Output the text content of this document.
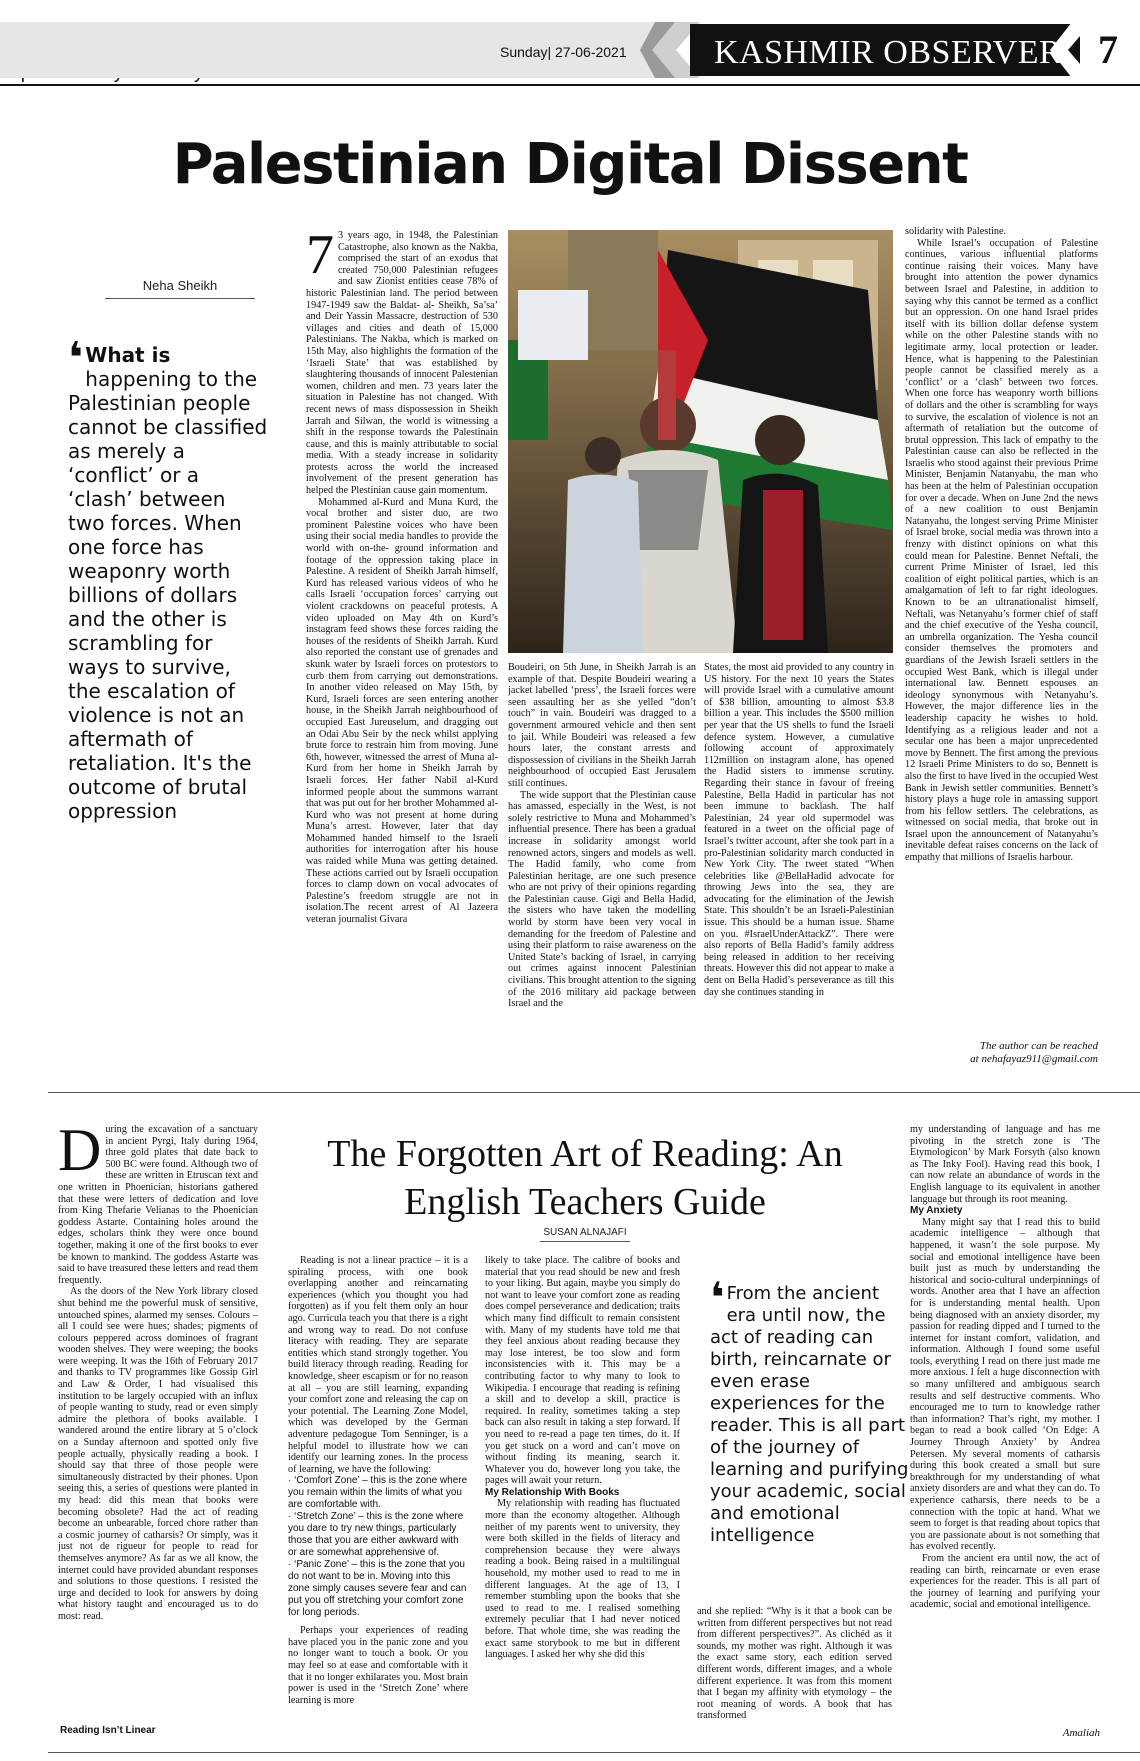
Sunday| 27-06-2021	KASHMIR OBSERVER 7
Palestinian Digital Dissent
Neha Sheikh
❛ What is happening to the Palestinian people cannot be classified as merely a ‘conflict’ or a ‘clash’ between two forces. When one force has weaponry worth billions of dollars and the other is scrambling for ways to survive, the escalation of violence is not an aftermath of retaliation. It's the outcome of brutal oppression

7 3 years ago, in 1948, the Palestinian Catastrophe, also known as the Nakba, comprised the start of an exodus that created 750,000 Palestinian refugees and saw Zionist entities cease 78% of historic Palestinian land. The period between 1947-1949 saw the Baldat- al- Sheikh, Sa’sa’ and Deir Yassin Massacre, destruction of 530 villages and cities and death of 15,000 Palestinians. The Nakba, which is marked on 15th May, also highlights the formation of the ‘Israeli State’ that was established by slaughtering thousands of innocent Palestenian women, children and men. 73 years later the situation in Palestine has not changed. With recent news of mass dispossession in Sheikh Jarrah and Silwan, the world is witnessing a shift in the response towards the Palestinain cause, and this is mainly attributable to social media. With a steady increase in solidarity protests across the world the increased involvement of the present generation has helped the Plestinian cause gain momentum.

Mohammed al-Kurd and Muna Kurd, the vocal brother and sister duo, are two prominent Palestine voices who have been using their social media handles to provide the world with on-the- ground information and footage of the oppression taking place in Palestine. A resident of Sheikh Jarrah himself, Kurd has released various videos of who he calls Israeli ‘occupation forces’ carrying out violent crackdowns on peaceful protests. A video uploaded on May 4th on Kurd’s instagram feed shows these forces raiding the houses of the residents of Sheikh Jarrah. Kurd also reported the constant use of grenades and skunk water by Israeli forces on protestors to curb them from carrying out demonstrations. In another video released on May 15th, by Kurd, Israeli forces are seen entering another house, in the Sheikh Jarrah neighbourhood of occupied East Jureuselum, and dragging out an Odai Abu Seir by the neck whilst applying brute force to restrain him from moving. June 6th, however, witnessed the arrest of Muna al-Kurd from her home in Sheikh Jarrah by Israeli forces. Her father Nabil al-Kurd informed people about the summons warrant that was put out for her brother Mohammed al-Kurd who was not present at home during Muna’s arrest. However, later that day Mohammed handed himself to the Israeli authorities for interrogation after his house was raided while Muna was getting detained. These actions carried out by Israeli occupation forces to clamp down on vocal advocates of Palestine’s freedom struggle are not in isolation.The recent arrest of Al Jazeera veteran journalist Givara

Boudeiri, on 5th June, in Sheikh Jarrah is an example of that. Despite Boudeiri wearing a jacket labelled ‘press’, the Israeli forces were seen assaulting her as she yelled “don’t touch” in vain. Boudeiri was dragged to a government armoured vehicle and then sent to jail. While Boudeiri was released a few hours later, the constant arrests and dispossession of civilians in the Sheikh Jarrah neighbourhood of occupied East Jerusalem still continues.

The wide support that the Plestinian cause has amassed, especially in the West, is not solely restrictive to Muna and Mohammed’s influential presence. There has been a gradual increase in solidarity amongst world renowned actors, singers and models as well. The Hadid family, who come from Palestinian heritage, are one such presence who are not privy of their opinions regarding the Palestinian cause. Gigi and Bella Hadid, the sisters who have taken the modelling world by storm have been very vocal in demanding for the freedom of Palestine and using their platform to raise awareness on the United State’s backing of Israel, in carrying out crimes against innocent Palestinian civilians. This brought attention to the signing of the 2016 military aid package between Israel and the

States, the most aid provided to any country in US history. For the next 10 years the States will provide Israel with a cumulative amount of $38 billion, amounting to almost $3.8 billion a year. This includes the $500 million per year that the US shells to fund the Israeli defence system. However, a cumulative following account of approximately 112million on instagram alone, has opened the Hadid sisters to immense scrutiny. Regarding their stance in favour of freeing Palestine, Bella Hadid in particular has not been immune to backlash. The half Palestinian, 24 year old supermodel was featured in a tweet on the official page of Israel’s twitter account, after she took part in a pro-Palestinian solidarity march conducted in New York City. The tweet stated “When celebrities like @BellaHadid advocate for throwing Jews into the sea, they are advocating for the elimination of the Jewish State. This shouldn’t be an Israeli-Palestinian issue. This should be a human issue. Shame on you. #IsraelUnderAttackZ”. There were also reports of Bella Hadid’s family address being released in addition to her receiving threats. However this did not appear to make a dent on Bella Hadid’s perseverance as till this day she continues standing in

solidarity with Palestine.

While Israel’s occupation of Palestine continues, various influential platforms continue raising their voices. Many have brought into attention the power dynamics between Israel and Palestine, in addition to saying why this cannot be termed as a conflict but an oppression. On one hand Israel prides itself with its billion dollar defense system while on the other Palestine stands with no legitimate army, local protection or leader. Hence, what is happening to the Palestinian people cannot be classified merely as a ‘conflict’ or a ‘clash’ between two forces. When one force has weaponry worth billions of dollars and the other is scrambling for ways to survive, the escalation of violence is not an aftermath of retaliation but the outcome of brutal oppression. This lack of empathy to the Palestinian cause can also be reflected in the Israelis who stood against their previous Prime Minister, Benjamin Natanyahu, the man who has been at the helm of Palestinian occupation for over a decade. When on June 2nd the news of a new coalition to oust Benjamin Natanyahu, the longest serving Prime Minister of Israel broke, social media was thrown into a frenzy with distinct opinions on what this could mean for Palestine. Bennet Neftali, the current Prime Minister of Israel, led this coalition of eight political parties, which is an amalgamation of left to far right ideologues. Known to be an ultranationalist himself, Neftali, was Netanyahu’s former chief of staff and the chief executive of the Yesha council, an umbrella organization. The Yesha council consider themselves the promoters and guardians of the Jewish Israeli settlers in the occupied West Bank, which is illegal under international law. Bennett espouses an ideology synonymous with Netanyahu’s. However, the major difference lies in the leadership capacity he wishes to hold. Identifying as a religious leader and not a secular one has been a major unprecedented move by Bennett. The first among the previous 12 Israeli Prime Ministers to do so, Bennett is also the first to have lived in the occupied West Bank in Jewish settler communities. Bennett’s history plays a huge role in amassing support from his fellow settlers. The celebrations, as witnessed on social media, that broke out in Israel upon the announcement of Natanyahu’s inevitable defeat raises concerns on the lack of empathy that millions of Israelis harbour.

The author can be reached
at nehafayaz911@gmail.com

During the excavation of a sanctuary in ancient Pyrgi, Italy during 1964, three gold plates that date back to 500 BC were found. Although two of these are written in Etruscan text and one written in Phoenician, historians gathered that these were letters of dedication and love from King Thefarie Velianas to the Phoenician goddess Astarte. Containing holes around the edges, scholars think they were once bound together, making it one of the first books to ever be known to mankind. The goddess Astarte was said to have treasured these letters and read them frequently.

As the doors of the New York library closed shut behind me the powerful musk of sensitive, untouched spines, alarmed my senses. Colours – all I could see were hues; shades; pigments of colours peppered across dominoes of fragrant wooden shelves. They were weeping; the books were weeping. It was the 16th of February 2017 and thanks to TV programmes like Gossip Girl and Law & Order, I had visualised this institution to be largely occupied with an influx of people wanting to study, read or even simply admire the plethora of books available. I wandered around the entire library at 5 o’clock on a Sunday afternoon and spotted only five people actually, physically reading a book. I should say that three of those people were simultaneously distracted by their phones. Upon seeing this, a series of questions were planted in my head: did this mean that books were becoming obsolete? Had the act of reading become an unbearable, forced chore rather than a cosmic journey of catharsis? Or simply, was it just not de rigueur for people to read for themselves anymore? As far as we all know, the internet could have provided abundant responses and solutions to those questions. I resisted the urge and decided to look for answers by doing what history taught and encouraged us to do most: read.

Reading Isn’t Linear
The Forgotten Art of Reading: An
English Teachers Guide
SUSAN ALNAJAFI

Reading is not a linear practice – it is a spiraling process, with one book overlapping another and reincarnating experiences (which you thought you had forgotten) as if you felt them only an hour ago. Curricula teach you that there is a right and wrong way to read. Do not confuse literacy with reading. They are separate entities which stand strongly together. You build literacy through reading. Reading for knowledge, sheer escapism or for no reason at all – you are still learning, expanding your comfort zone and releasing the cap on your potential. The Learning Zone Model, which was developed by the German adventure pedagogue Tom Senninger, is a helpful model to illustrate how we can identify our learning zones. In the process of learning, we have the following:

· ‘Comfort Zone’ – this is the zone where you remain within the limits of what you are comfortable with.

· ‘Stretch Zone’ – this is the zone where you dare to try new things, particularly those that you are either awkward with or are somewhat apprehensive of.

· ‘Panic Zone’ – this is the zone that you do not want to be in. Moving into this zone simply causes severe fear and can put you off stretching your comfort zone for long periods.

Perhaps your experiences of reading have placed you in the panic zone and you no longer want to touch a book. Or you may feel so at ease and comfortable with it that it no longer exhilarates you. Most brain power is used in the ‘Stretch Zone’ where learning is more

likely to take place. The calibre of books and material that you read should be new and fresh to your liking. But again, maybe you simply do not want to leave your comfort zone as reading does compel perseverance and dedication; traits which many find difficult to remain consistent with. Many of my students have told me that they feel anxious about reading because they may lose interest, be too slow and form inconsistencies with it. This may be a contributing factor to why many to look to Wikipedia. I encourage that reading is refining a skill and to develop a skill, practice is required. In reality, sometimes taking a step back can also result in taking a step forward. If you need to re-read a page ten times, do it. If you get stuck on a word and can’t move on without finding its meaning, search it. Whatever you do, however long you take, the pages will await your return.

My Relationship With Books

My relationship with reading has fluctuated more than the economy altogether. Although neither of my parents went to university, they were both skilled in the fields of literacy and comprehension because they were always reading a book. Being raised in a multilingual household, my mother used to read to me in different languages. At the age of 13, I remember stumbling upon the books that she used to read to me. I realised something extremely peculiar that I had never noticed before. That whole time, she was reading the exact same storybook to me but in different languages. I asked her why she did this

❛ From the ancient era until now, the act of reading can birth, reincarnate or even erase experiences for the reader. This is all part of the journey of learning and purifying your academic, social and emotional intelligence

and she replied: “Why is it that a book can be written from different perspectives but not read from different perspectives?”. As clichéd as it sounds, my mother was right. Although it was the exact same story, each edition served different words, different images, and a whole different experience. It was from this moment that I began my affinity with etymology – the root meaning of words. A book that has transformed

my understanding of language and has me pivoting in the stretch zone is ‘The Etymologicon’ by Mark Forsyth (also known as The Inky Fool). Having read this book, I can now relate an abundance of words in the English language to its equivalent in another language but through its root meaning.

My Anxiety

Many might say that I read this to build academic intelligence – although that happened, it wasn’t the sole purpose. My social and emotional intelligence have been built just as much by understanding the historical and socio-cultural underpinnings of words. Another area that I have an affection for is understanding mental health. Upon being diagnosed with an anxiety disorder, my passion for reading dipped and I turned to the internet for instant comfort, validation, and information. Although I found some useful tools, everything I read on there just made me more anxious. I felt a huge disconnection with so many unfiltered and ambiguous search results and self destructive comments. Who encouraged me to turn to knowledge rather than information? That’s right, my mother. I began to read a book called ‘On Edge: A Journey Through Anxiety’ by Andrea Petersen. My several moments of catharsis during this book created a small but sure breakthrough for my understanding of what anxiety disorders are and what they can do. To experience catharsis, there needs to be a connection with the topic at hand. What we seem to forget is that reading about topics that you are passionate about is not something that has evolved recently.

From the ancient era until now, the act of reading can birth, reincarnate or even erase experiences for the reader. This is all part of the journey of learning and purifying your academic, social and emotional intelligence.

Amaliah
